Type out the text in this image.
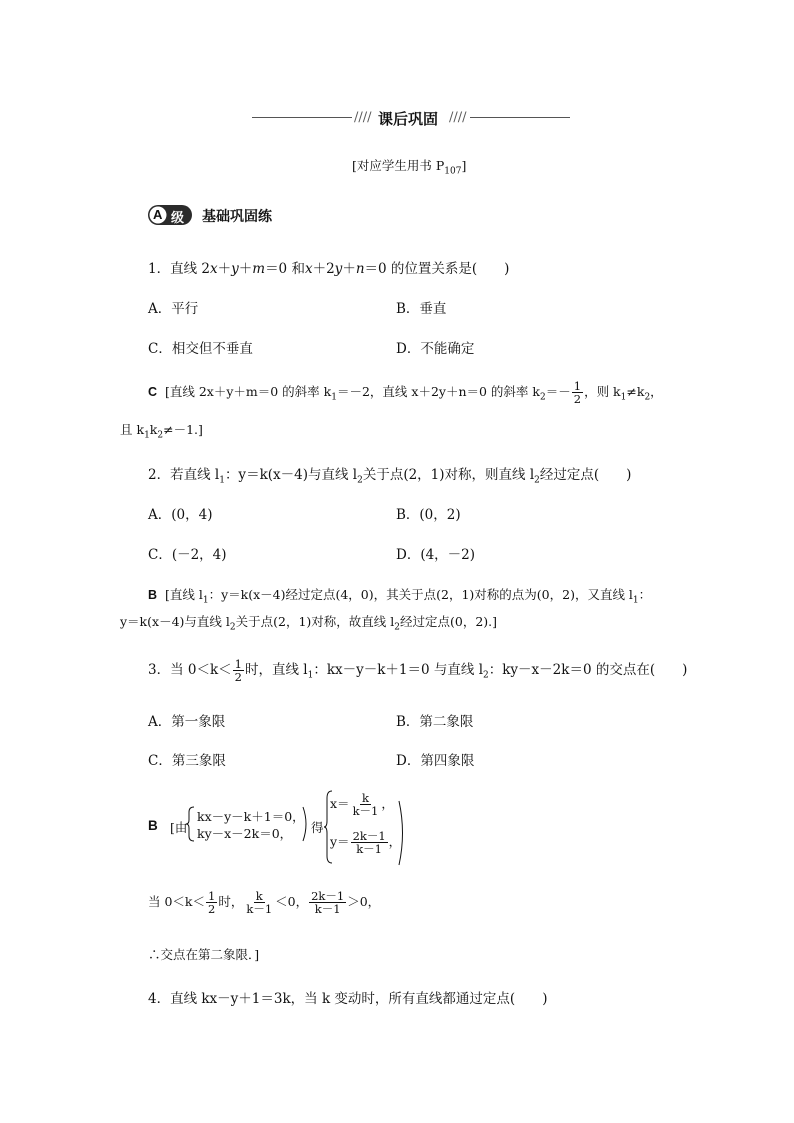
//// 课后巩固 ////
[对应学生用书 $P_{107}$]
A 级 基础巩固练
1．直线 2x＋y＋m＝0 和x＋2y＋n＝0 的位置关系是(　　)
A．平行	B．垂直
C．相交但不垂直	D．不能确定
C [直线 2x＋y＋m＝0 的斜率 $k_1=-2$，直线 x＋2y＋n＝0 的斜率 $k_2=- \frac{1}{2}$ ，则 $k_1\ne k_2$，
且 $k_1k_2\ne-1$.]
2．若直线 $l_1$：y＝k(x－4)与直线 $l_2$关于点(2，1)对称，则直线 $l_2$经过定点(　　)
A．(0，4)	B．(0，2)
C．(－2，4)	D．(4，－2)
B [直线 $l_1$：y＝k(x－4)经过定点(4，0)，其关于点(2，1)对称的点为(0，2)，又直线 $l_1$：
y＝k(x－4)与直线 $l_2$关于点(2，1)对称，故直线 $l_2$经过定点(0，2).]
3．当 $0<k< \frac{1}{2}$ 时，直线 $l_1$：kx－y－k＋1＝0 与直线 $l_2$：ky－x－2k＝0 的交点在(　　)
A．第一象限	B．第二象限
C．第三象限	D．第四象限
B [由
kx－y－k＋1＝0，
ky－x－2k＝0， 得
$x= \frac{k}{k-1}$ ，
$y= \frac{2k-1}{k-1}$ ，
当 $0<k< \frac{1}{2}$ 时， $\frac{k}{k-1} <0$， $\frac{2k-1}{k-1} >0$，
∴交点在第二象限．]
4．直线 kx－y＋1＝3k，当 k 变动时，所有直线都通过定点(　　)
